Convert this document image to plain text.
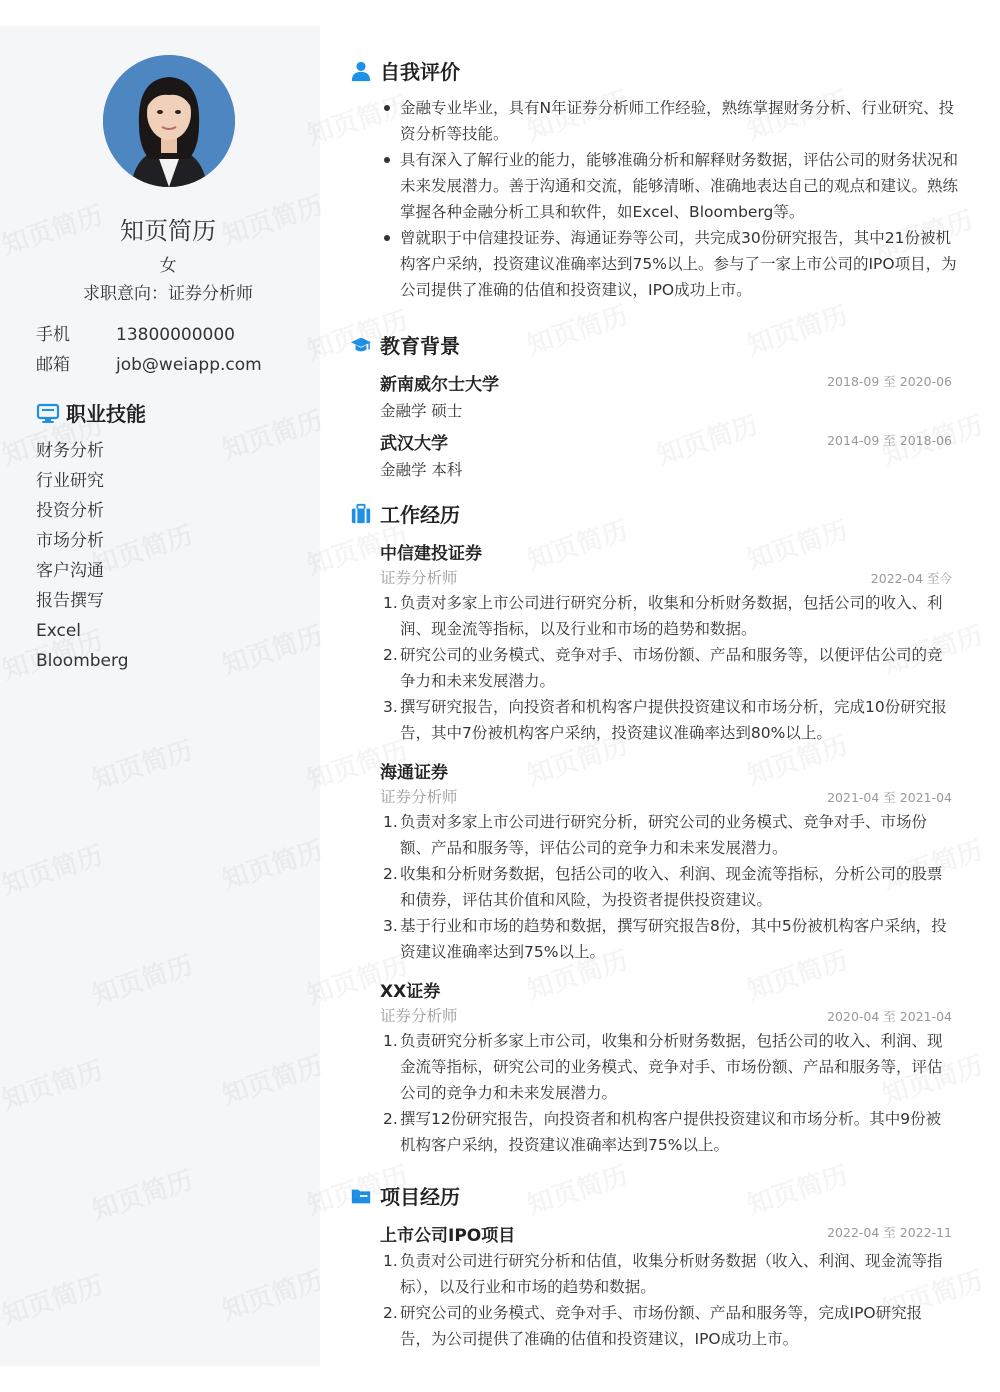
知页简历
女
求职意向：证券分析师
手机	13800000000
邮箱	job@weiapp.com
职业技能
财务分析
行业研究
投资分析
市场分析
客户沟通
报告撰写
Excel
Bloomberg
自我评价
金融专业毕业，具有N年证券分析师工作经验，熟练掌握财务分析、行业研究、投资分析等技能。
具有深入了解行业的能力，能够准确分析和解释财务数据，评估公司的财务状况和未来发展潜力。善于沟通和交流，能够清晰、准确地表达自己的观点和建议。熟练掌握各种金融分析工具和软件，如Excel、Bloomberg等。
曾就职于中信建投证券、海通证券等公司，共完成30份研究报告，其中21份被机构客户采纳，投资建议准确率达到75%以上。参与了一家上市公司的IPO项目，为公司提供了准确的估值和投资建议，IPO成功上市。
教育背景
新南威尔士大学	2018-09 至 2020-06
金融学 硕士
武汉大学	2014-09 至 2018-06
金融学 本科
工作经历
中信建投证券
证券分析师	2022-04 至今
1. 负责对多家上市公司进行研究分析，收集和分析财务数据，包括公司的收入、利润、现金流等指标，以及行业和市场的趋势和数据。
2. 研究公司的业务模式、竞争对手、市场份额、产品和服务等，以便评估公司的竞争力和未来发展潜力。
3. 撰写研究报告，向投资者和机构客户提供投资建议和市场分析，完成10份研究报告，其中7份被机构客户采纳，投资建议准确率达到80%以上。
海通证券
证券分析师	2021-04 至 2021-04
1. 负责对多家上市公司进行研究分析，研究公司的业务模式、竞争对手、市场份额、产品和服务等，评估公司的竞争力和未来发展潜力。
2. 收集和分析财务数据，包括公司的收入、利润、现金流等指标，分析公司的股票和债券，评估其价值和风险，为投资者提供投资建议。
3. 基于行业和市场的趋势和数据，撰写研究报告8份，其中5份被机构客户采纳，投资建议准确率达到75%以上。
XX证券
证券分析师	2020-04 至 2021-04
1. 负责研究分析多家上市公司，收集和分析财务数据，包括公司的收入、利润、现金流等指标，研究公司的业务模式、竞争对手、市场份额、产品和服务等，评估公司的竞争力和未来发展潜力。
2. 撰写12份研究报告，向投资者和机构客户提供投资建议和市场分析。其中9份被机构客户采纳，投资建议准确率达到75%以上。
项目经历
上市公司IPO项目	2022-04 至 2022-11
1. 负责对公司进行研究分析和估值，收集分析财务数据（收入、利润、现金流等指标），以及行业和市场的趋势和数据。
2. 研究公司的业务模式、竞争对手、市场份额、产品和服务等，完成IPO研究报告，为公司提供了准确的估值和投资建议，IPO成功上市。
